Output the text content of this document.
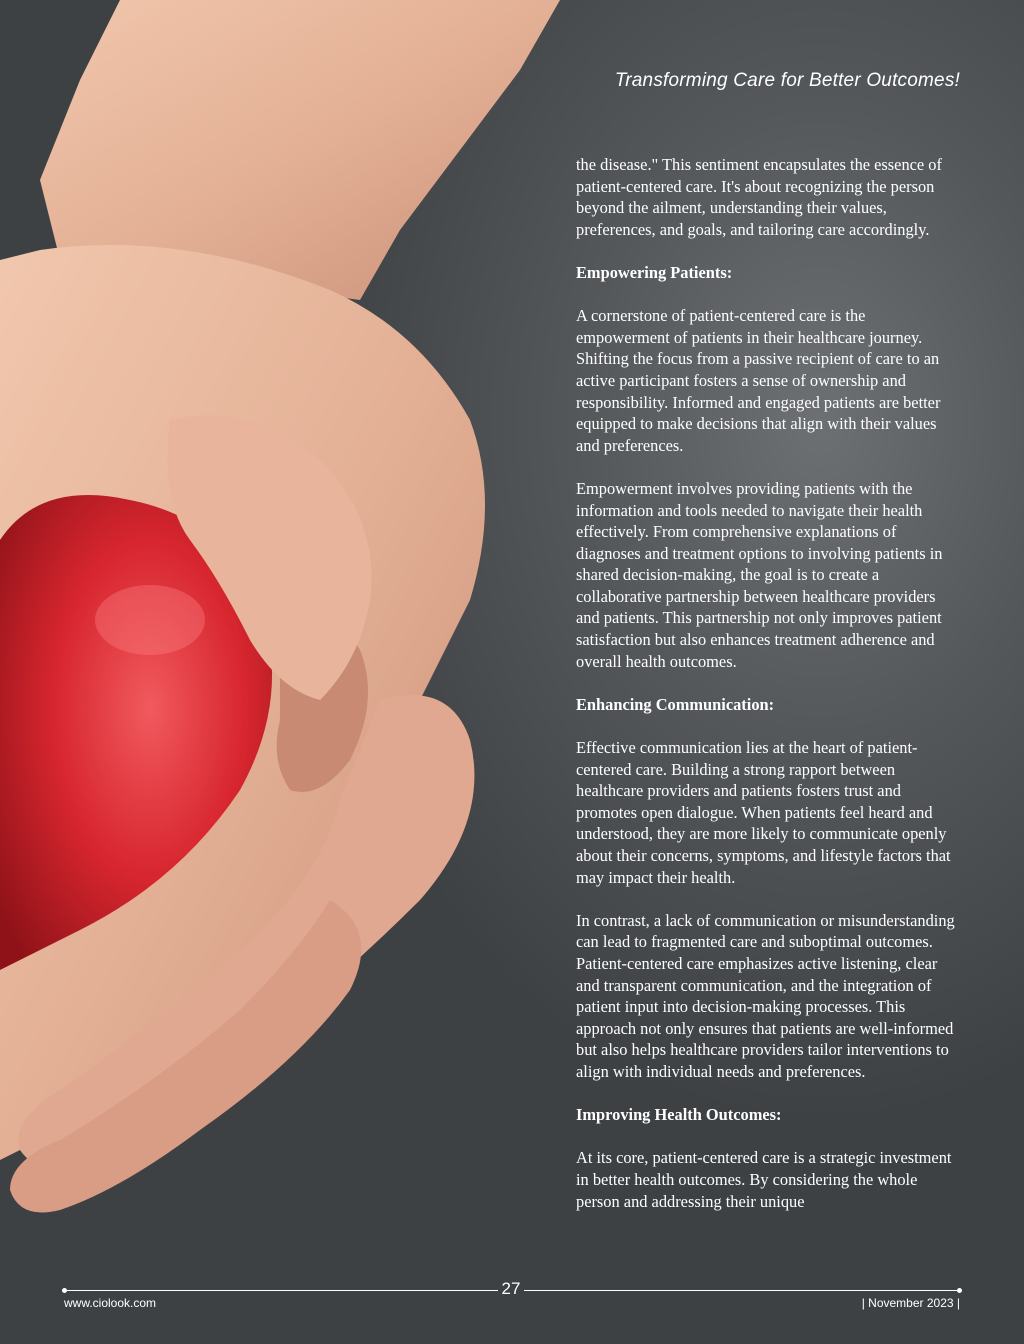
Transforming Care for Better Outcomes!

the disease." This sentiment encapsulates the essence of patient-centered care. It's about recognizing the person beyond the ailment, understanding their values, preferences, and goals, and tailoring care accordingly.

Empowering Patients:

A cornerstone of patient-centered care is the empowerment of patients in their healthcare journey. Shifting the focus from a passive recipient of care to an active participant fosters a sense of ownership and responsibility. Informed and engaged patients are better equipped to make decisions that align with their values and preferences.

Empowerment involves providing patients with the information and tools needed to navigate their health effectively. From comprehensive explanations of diagnoses and treatment options to involving patients in shared decision-making, the goal is to create a collaborative partnership between healthcare providers and patients. This partnership not only improves patient satisfaction but also enhances treatment adherence and overall health outcomes.

Enhancing Communication:

Effective communication lies at the heart of patient-centered care. Building a strong rapport between healthcare providers and patients fosters trust and promotes open dialogue. When patients feel heard and understood, they are more likely to communicate openly about their concerns, symptoms, and lifestyle factors that may impact their health.

In contrast, a lack of communication or misunderstanding can lead to fragmented care and suboptimal outcomes. Patient-centered care emphasizes active listening, clear and transparent communication, and the integration of patient input into decision-making processes. This approach not only ensures that patients are well-informed but also helps healthcare providers tailor interventions to align with individual needs and preferences.

Improving Health Outcomes:

At its core, patient-centered care is a strategic investment in better health outcomes. By considering the whole person and addressing their unique

27
www.ciolook.com	| November 2023 |
